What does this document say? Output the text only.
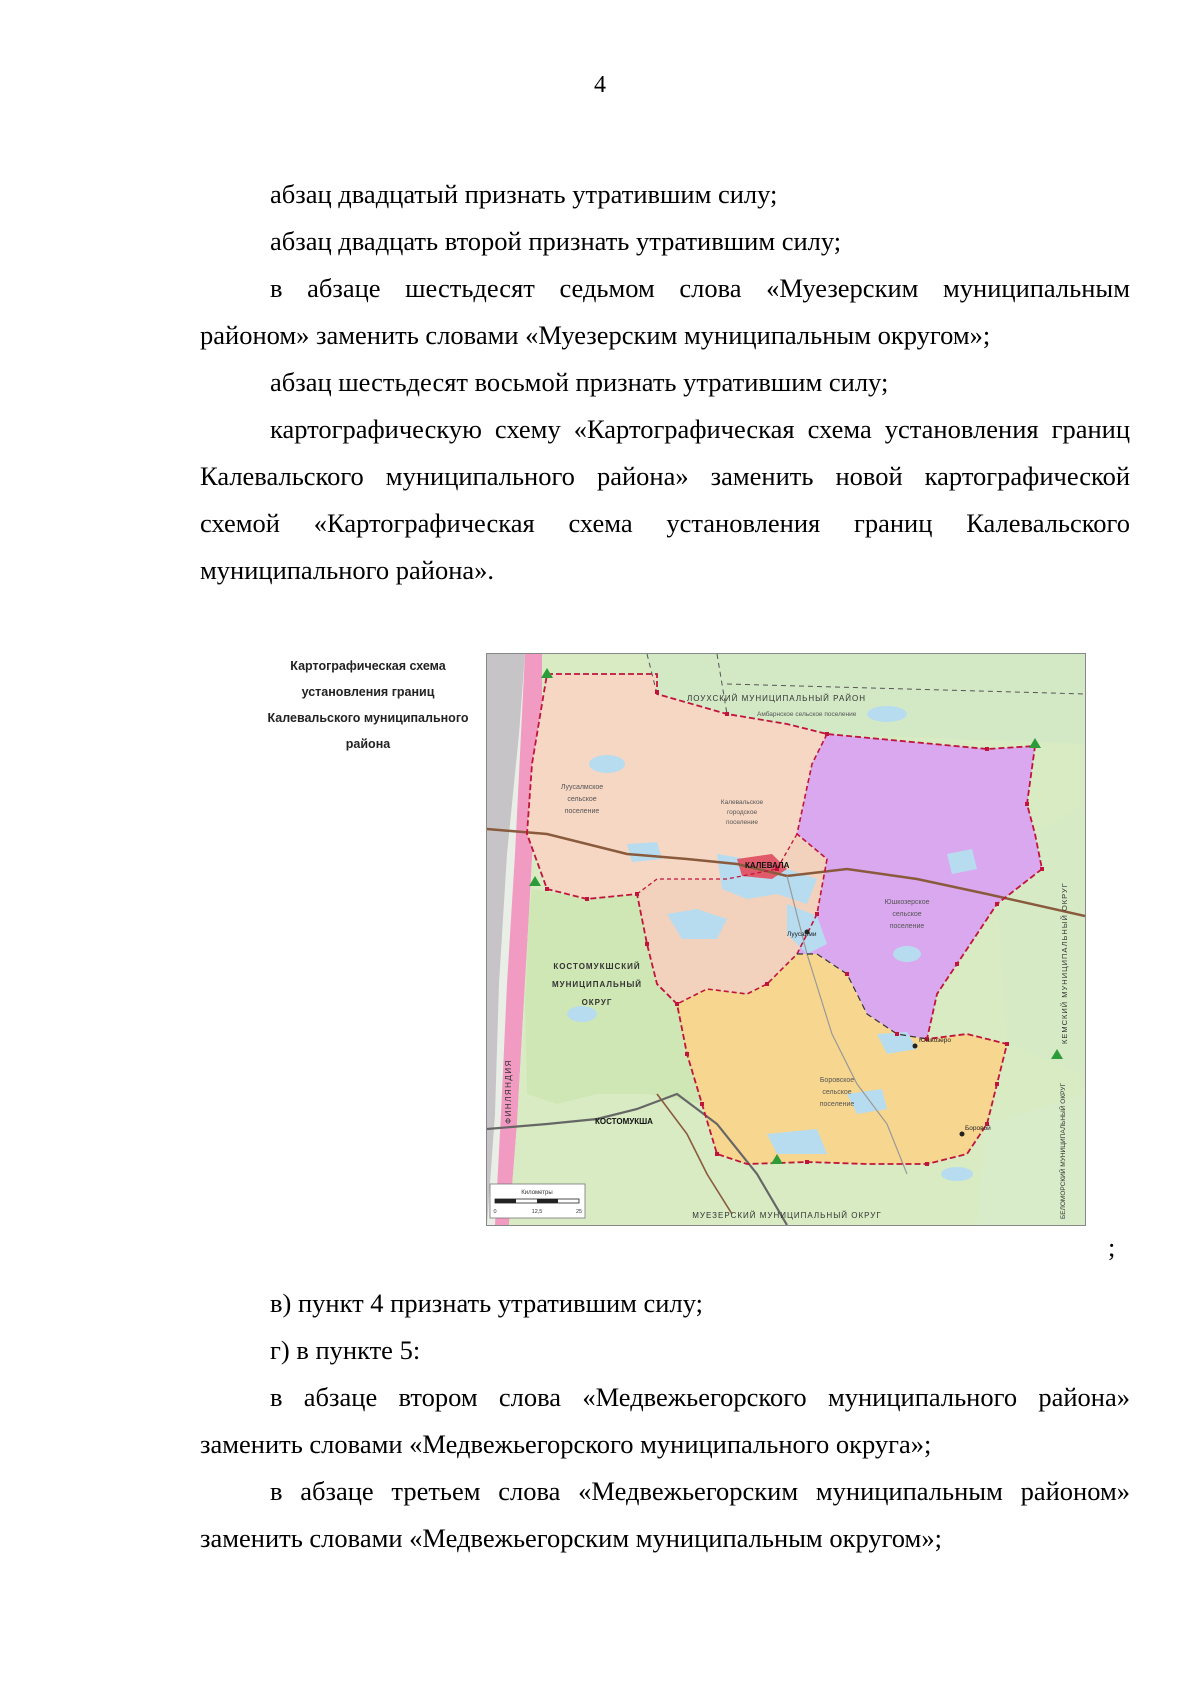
4

абзац двадцатый признать утратившим силу;

абзац двадцать второй признать утратившим силу;

в абзаце шестьдесят седьмом слова «Муезерским муниципальным районом» заменить словами «Муезерским муниципальным округом»;

абзац шестьдесят восьмой признать утратившим силу;

картографическую схему «Картографическая схема установления границ Калевальского муниципального района» заменить новой картографической схемой «Картографическая схема установления границ Калевальского муниципального района».

Картографическая схема
установления границ
Калевальского муниципального
района
ЛОУХСКИЙ МУНИЦИПАЛЬНЫЙ РАЙОН
Амбарнское сельское поселение
Луусалмское
сельское
поселение
Калевальское
городское
поселение
КАЛЕВАЛА
Юшкозерское
сельское
поселение
Луусалми
Юшкозеро
Боровой
КОСТОМУКШСКИЙ
МУНИЦИПАЛЬНЫЙ
ОКРУГ
Боровское
сельское
поселение
КОСТОМУКША
МУЕЗЕРСКИЙ МУНИЦИПАЛЬНЫЙ ОКРУГ
ФИНЛЯНДИЯ
КЕМСКИЙ МУНИЦИПАЛЬНЫЙ ОКРУГ
БЕЛОМОРСКИЙ МУНИЦИПАЛЬНЫЙ ОКРУГ
Километры
0	12,5	25
;

в) пункт 4 признать утратившим силу;

г) в пункте 5:

в абзаце втором слова «Медвежьегорского муниципального района» заменить словами «Медвежьегорского муниципального округа»;

в абзаце третьем слова «Медвежьегорским муниципальным районом» заменить словами «Медвежьегорским муниципальным округом»;
